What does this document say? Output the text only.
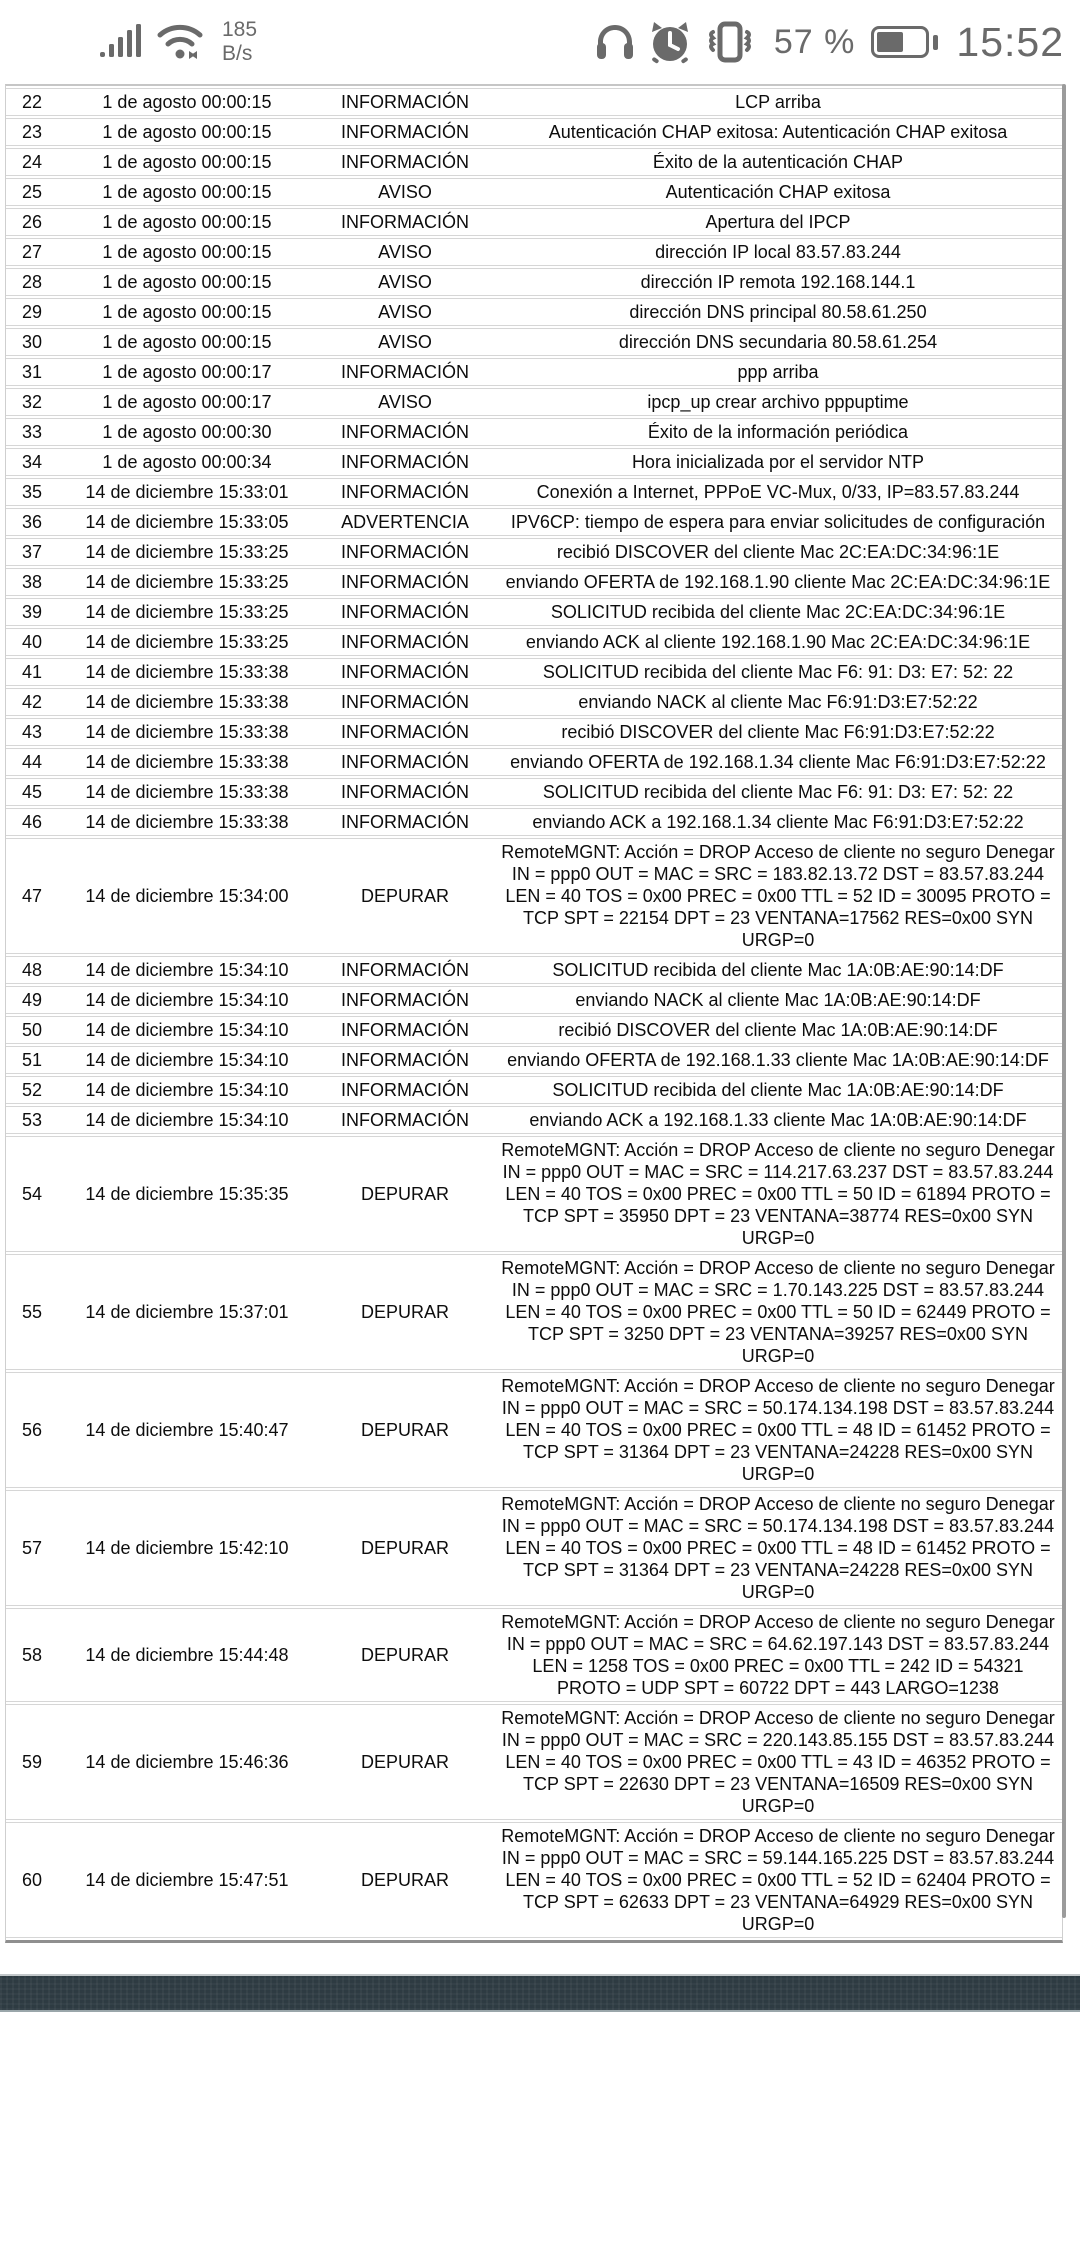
185
B/s	57 % 15:52
22	1 de agosto 00:00:15	INFORMACIÓN	LCP arriba
23	1 de agosto 00:00:15	INFORMACIÓN	Autenticación CHAP exitosa: Autenticación CHAP exitosa
24	1 de agosto 00:00:15	INFORMACIÓN	Éxito de la autenticación CHAP
25	1 de agosto 00:00:15	AVISO	Autenticación CHAP exitosa
26	1 de agosto 00:00:15	INFORMACIÓN	Apertura del IPCP
27	1 de agosto 00:00:15	AVISO	dirección IP local 83.57.83.244
28	1 de agosto 00:00:15	AVISO	dirección IP remota 192.168.144.1
29	1 de agosto 00:00:15	AVISO	dirección DNS principal 80.58.61.250
30	1 de agosto 00:00:15	AVISO	dirección DNS secundaria 80.58.61.254
31	1 de agosto 00:00:17	INFORMACIÓN	ppp arriba
32	1 de agosto 00:00:17	AVISO	ipcp_up crear archivo pppuptime
33	1 de agosto 00:00:30	INFORMACIÓN	Éxito de la información periódica
34	1 de agosto 00:00:34	INFORMACIÓN	Hora inicializada por el servidor NTP
35	14 de diciembre 15:33:01	INFORMACIÓN	Conexión a Internet, PPPoE VC-Mux, 0/33, IP=83.57.83.244
36	14 de diciembre 15:33:05	ADVERTENCIA	IPV6CP: tiempo de espera para enviar solicitudes de configuración
37	14 de diciembre 15:33:25	INFORMACIÓN	recibió DISCOVER del cliente Mac 2C:EA:DC:34:96:1E
38	14 de diciembre 15:33:25	INFORMACIÓN	enviando OFERTA de 192.168.1.90 cliente Mac 2C:EA:DC:34:96:1E
39	14 de diciembre 15:33:25	INFORMACIÓN	SOLICITUD recibida del cliente Mac 2C:EA:DC:34:96:1E
40	14 de diciembre 15:33:25	INFORMACIÓN	enviando ACK al cliente 192.168.1.90 Mac 2C:EA:DC:34:96:1E
41	14 de diciembre 15:33:38	INFORMACIÓN	SOLICITUD recibida del cliente Mac F6: 91: D3: E7: 52: 22
42	14 de diciembre 15:33:38	INFORMACIÓN	enviando NACK al cliente Mac F6:91:D3:E7:52:22
43	14 de diciembre 15:33:38	INFORMACIÓN	recibió DISCOVER del cliente Mac F6:91:D3:E7:52:22
44	14 de diciembre 15:33:38	INFORMACIÓN	enviando OFERTA de 192.168.1.34 cliente Mac F6:91:D3:E7:52:22
45	14 de diciembre 15:33:38	INFORMACIÓN	SOLICITUD recibida del cliente Mac F6: 91: D3: E7: 52: 22
46	14 de diciembre 15:33:38	INFORMACIÓN	enviando ACK a 192.168.1.34 cliente Mac F6:91:D3:E7:52:22
47	14 de diciembre 15:34:00	DEPURAR	RemoteMGNT: Acción = DROP Acceso de cliente no seguro Denegar IN = ppp0 OUT = MAC = SRC = 183.82.13.72 DST = 83.57.83.244 LEN = 40 TOS = 0x00 PREC = 0x00 TTL = 52 ID = 30095 PROTO = TCP SPT = 22154 DPT = 23 VENTANA=17562 RES=0x00 SYN URGP=0
48	14 de diciembre 15:34:10	INFORMACIÓN	SOLICITUD recibida del cliente Mac 1A:0B:AE:90:14:DF
49	14 de diciembre 15:34:10	INFORMACIÓN	enviando NACK al cliente Mac 1A:0B:AE:90:14:DF
50	14 de diciembre 15:34:10	INFORMACIÓN	recibió DISCOVER del cliente Mac 1A:0B:AE:90:14:DF
51	14 de diciembre 15:34:10	INFORMACIÓN	enviando OFERTA de 192.168.1.33 cliente Mac 1A:0B:AE:90:14:DF
52	14 de diciembre 15:34:10	INFORMACIÓN	SOLICITUD recibida del cliente Mac 1A:0B:AE:90:14:DF
53	14 de diciembre 15:34:10	INFORMACIÓN	enviando ACK a 192.168.1.33 cliente Mac 1A:0B:AE:90:14:DF
54	14 de diciembre 15:35:35	DEPURAR	RemoteMGNT: Acción = DROP Acceso de cliente no seguro Denegar IN = ppp0 OUT = MAC = SRC = 114.217.63.237 DST = 83.57.83.244 LEN = 40 TOS = 0x00 PREC = 0x00 TTL = 50 ID = 61894 PROTO = TCP SPT = 35950 DPT = 23 VENTANA=38774 RES=0x00 SYN URGP=0
55	14 de diciembre 15:37:01	DEPURAR	RemoteMGNT: Acción = DROP Acceso de cliente no seguro Denegar IN = ppp0 OUT = MAC = SRC = 1.70.143.225 DST = 83.57.83.244 LEN = 40 TOS = 0x00 PREC = 0x00 TTL = 50 ID = 62449 PROTO = TCP SPT = 3250 DPT = 23 VENTANA=39257 RES=0x00 SYN URGP=0
56	14 de diciembre 15:40:47	DEPURAR	RemoteMGNT: Acción = DROP Acceso de cliente no seguro Denegar IN = ppp0 OUT = MAC = SRC = 50.174.134.198 DST = 83.57.83.244 LEN = 40 TOS = 0x00 PREC = 0x00 TTL = 48 ID = 61452 PROTO = TCP SPT = 31364 DPT = 23 VENTANA=24228 RES=0x00 SYN URGP=0
57	14 de diciembre 15:42:10	DEPURAR	RemoteMGNT: Acción = DROP Acceso de cliente no seguro Denegar IN = ppp0 OUT = MAC = SRC = 50.174.134.198 DST = 83.57.83.244 LEN = 40 TOS = 0x00 PREC = 0x00 TTL = 48 ID = 61452 PROTO = TCP SPT = 31364 DPT = 23 VENTANA=24228 RES=0x00 SYN URGP=0
58	14 de diciembre 15:44:48	DEPURAR	RemoteMGNT: Acción = DROP Acceso de cliente no seguro Denegar IN = ppp0 OUT = MAC = SRC = 64.62.197.143 DST = 83.57.83.244 LEN = 1258 TOS = 0x00 PREC = 0x00 TTL = 242 ID = 54321 PROTO = UDP SPT = 60722 DPT = 443 LARGO=1238
59	14 de diciembre 15:46:36	DEPURAR	RemoteMGNT: Acción = DROP Acceso de cliente no seguro Denegar IN = ppp0 OUT = MAC = SRC = 220.143.85.155 DST = 83.57.83.244 LEN = 40 TOS = 0x00 PREC = 0x00 TTL = 43 ID = 46352 PROTO = TCP SPT = 22630 DPT = 23 VENTANA=16509 RES=0x00 SYN URGP=0
60	14 de diciembre 15:47:51	DEPURAR	RemoteMGNT: Acción = DROP Acceso de cliente no seguro Denegar IN = ppp0 OUT = MAC = SRC = 59.144.165.225 DST = 83.57.83.244 LEN = 40 TOS = 0x00 PREC = 0x00 TTL = 52 ID = 62404 PROTO = TCP SPT = 62633 DPT = 23 VENTANA=64929 RES=0x00 SYN URGP=0
